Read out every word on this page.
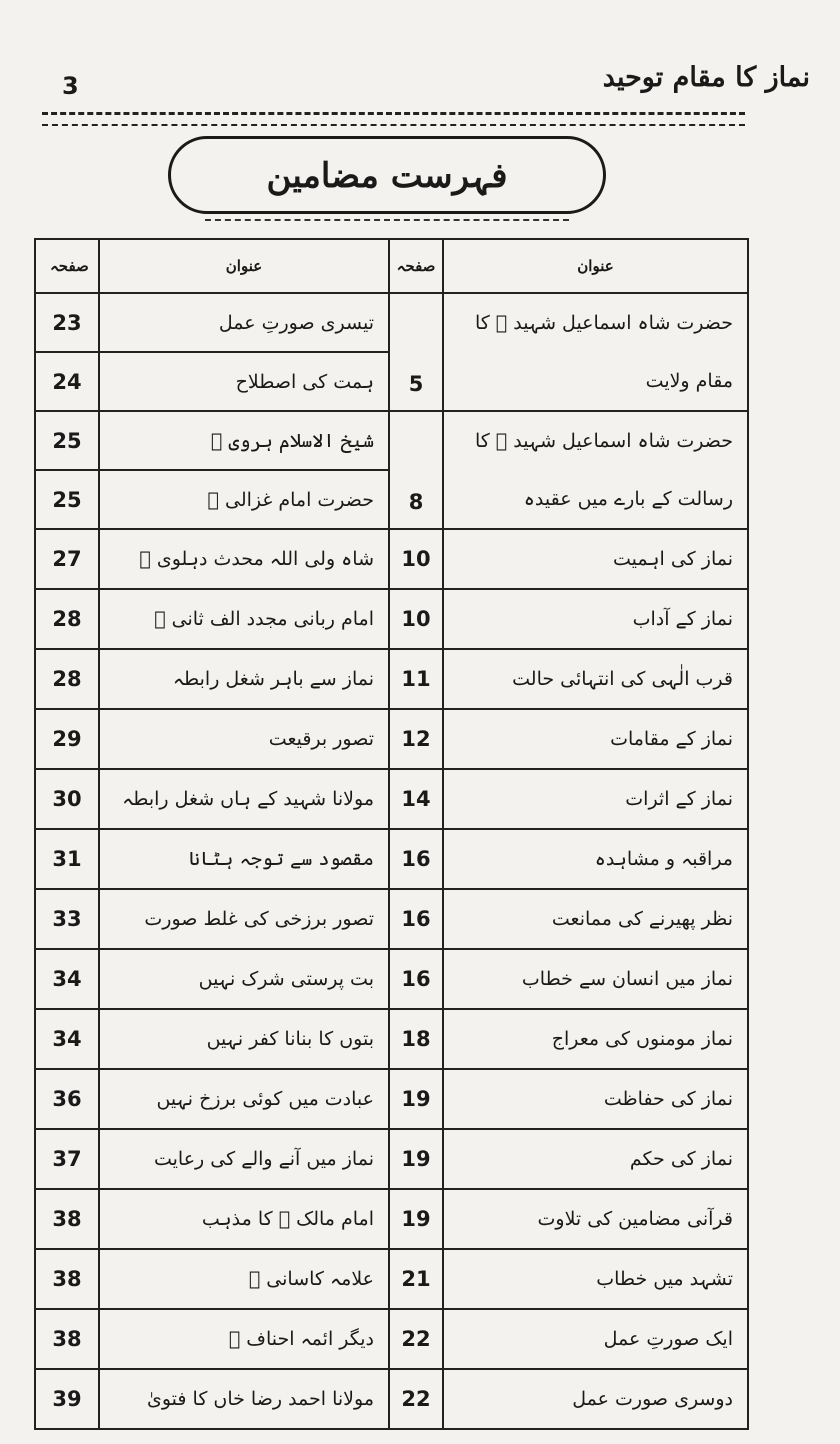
3	نماز کا مقام توحید
فہرست مضامین
صفحہ	عنوان	صفحہ	عنوان
23	تیسری صورتِ عمل	5	حضرت شاہ اسماعیل شہید ﷫ کا
مقام ولایت

24	ہمت کی اصطلاح		
25	شیخ الاسلام ہروی ﷫	8	حضرت شاہ اسماعیل شہید ﷫ کا
رسالت کے بارے میں عقیدہ

25	حضرت امام غزالی ﷫		
27	شاہ ولی اللہ محدث دہلوی ﷫	10	نماز کی اہمیت

28	امام ربانی مجدد الف ثانی ﷫	10	نماز کے آداب

28	نماز سے باہر شغل رابطہ	11	قرب الٰہی کی انتہائی حالت

29	تصور برقیعت	12	نماز کے مقامات

30	مولانا شہید کے ہاں شغل رابطہ	14	نماز کے اثرات

31	مقصود سے توجہ ہٹانا	16	مراقبہ و مشاہدہ

33	تصور برزخی کی غلط صورت	16	نظر پھیرنے کی ممانعت

34	بت پرستی شرک نہیں	16	نماز میں انسان سے خطاب

34	بتوں کا بنانا کفر نہیں	18	نماز مومنوں کی معراج

36	عبادت میں کوئی برزخ نہیں	19	نماز کی حفاظت

37	نماز میں آنے والے کی رعایت	19	نماز کی حکم

38	امام مالک ﷫ کا مذہب	19	قرآنی مضامین کی تلاوت

38	علامہ کاسانی ﷫	21	تشہد میں خطاب

38	دیگر ائمہ احناف ﷭	22	ایک صورتِ عمل

39	مولانا احمد رضا خاں کا فتویٰ	22	دوسری صورت عمل
